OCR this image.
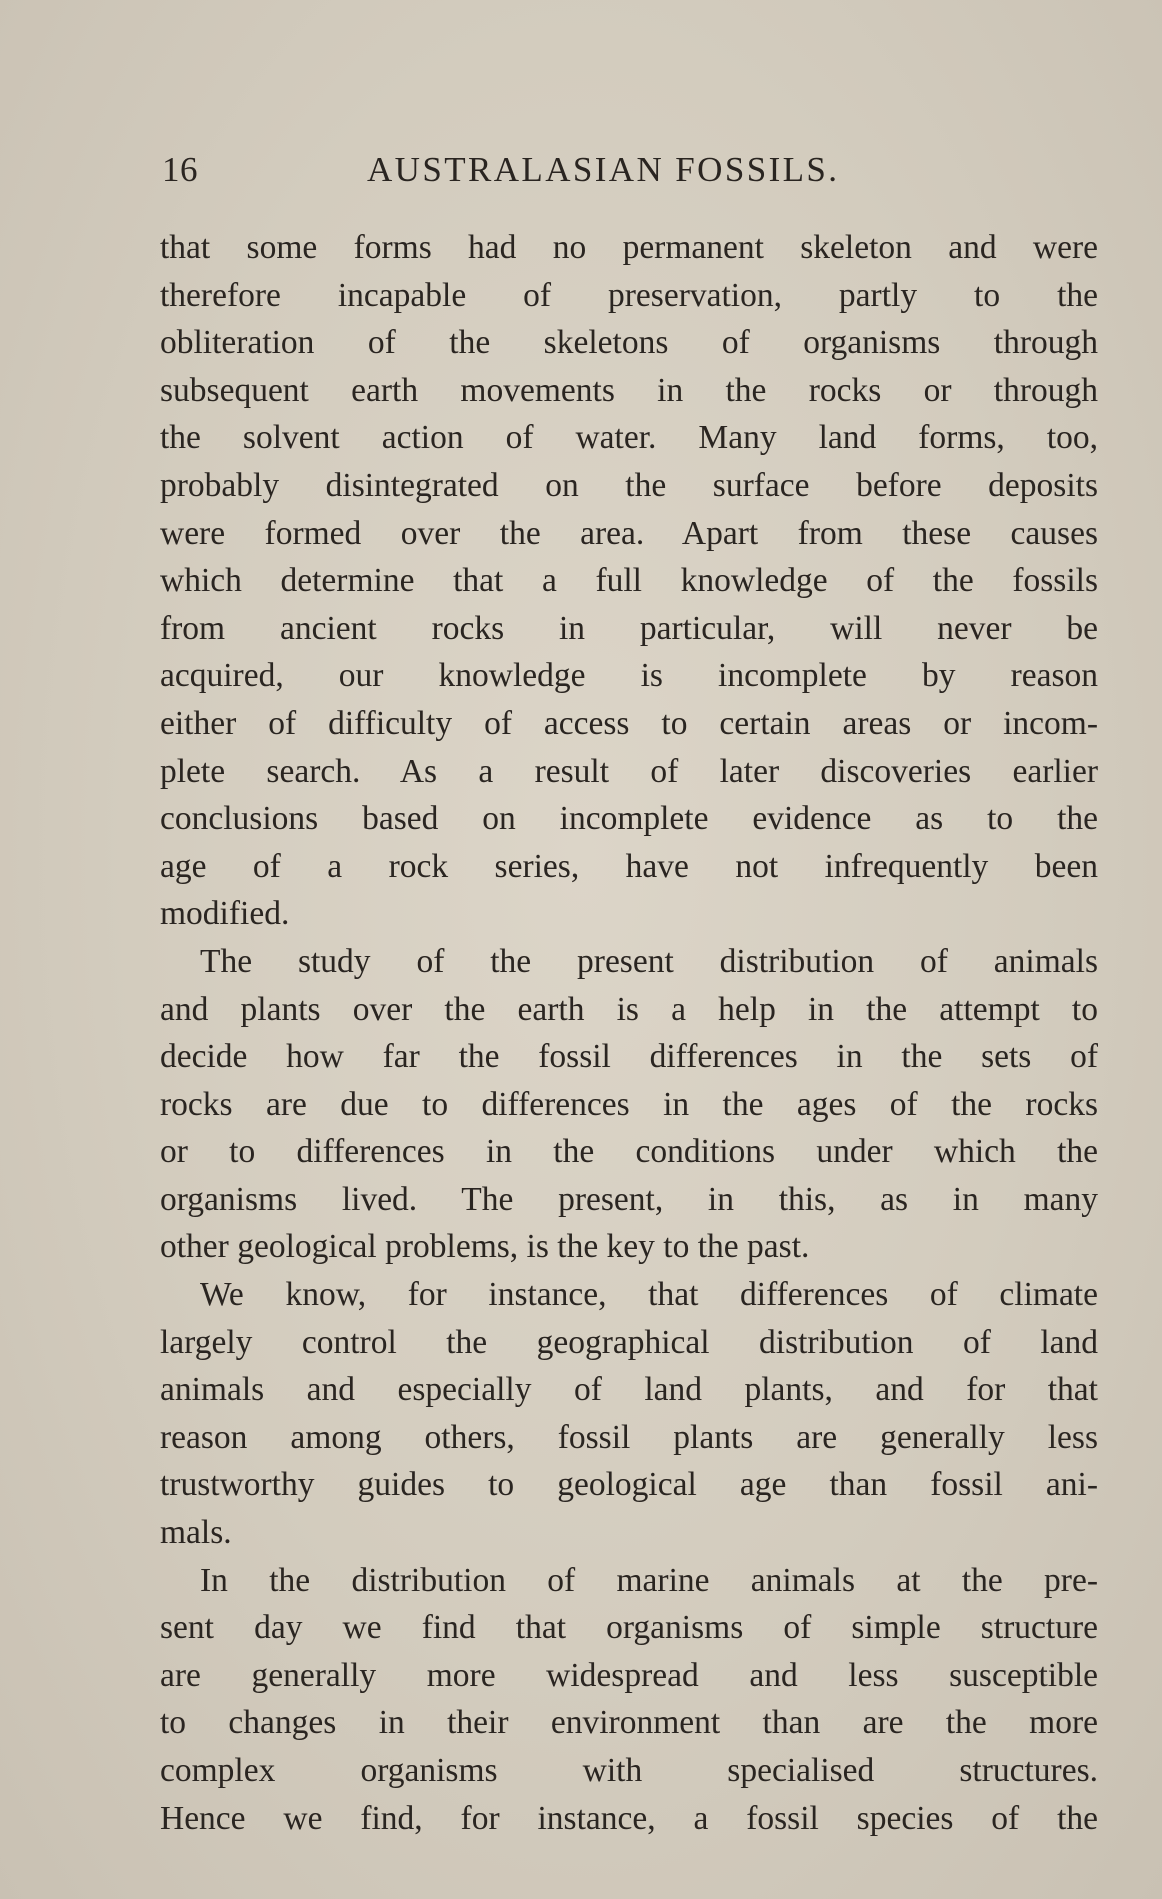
16	AUSTRALASIAN FOSSILS.
that some forms had no permanent skeleton and were
therefore incapable of preservation, partly to the
obliteration of the skeletons of organisms through
subsequent earth movements in the rocks or through
the solvent action of water. Many land forms, too,
probably disintegrated on the surface before deposits
were formed over the area. Apart from these causes
which determine that a full knowledge of the fossils
from ancient rocks in particular, will never be
acquired, our knowledge is incomplete by reason
either of difficulty of access to certain areas or incom-
plete search. As a result of later discoveries earlier
conclusions based on incomplete evidence as to the
age of a rock series, have not infrequently been
modified.
The study of the present distribution of animals
and plants over the earth is a help in the attempt to
decide how far the fossil differences in the sets of
rocks are due to differences in the ages of the rocks
or to differences in the conditions under which the
organisms lived. The present, in this, as in many
other geological problems, is the key to the past.
We know, for instance, that differences of climate
largely control the geographical distribution of land
animals and especially of land plants, and for that
reason among others, fossil plants are generally less
trustworthy guides to geological age than fossil ani-
mals.
In the distribution of marine animals at the pre-
sent day we find that organisms of simple structure
are generally more widespread and less susceptible
to changes in their environment than are the more
complex organisms with specialised structures.
Hence we find, for instance, a fossil species of the
